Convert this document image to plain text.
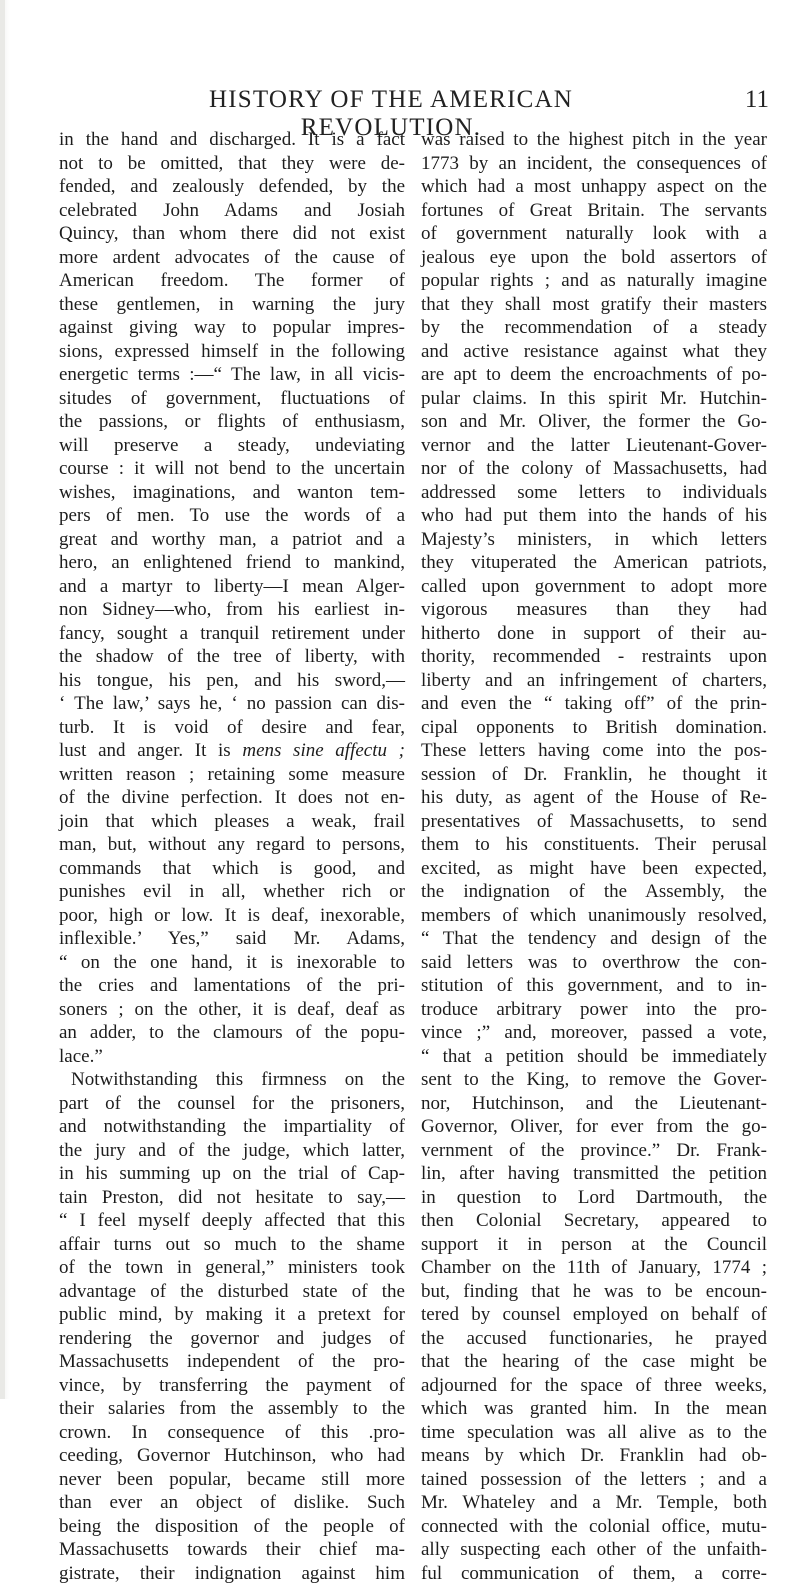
HISTORY OF THE AMERICAN REVOLUTION.
11
in the hand and discharged. It is a fact
not to be omitted, that they were de-
fended, and zealously defended, by the
celebrated John Adams and Josiah
Quincy, than whom there did not exist
more ardent advocates of the cause of
American freedom. The former of
these gentlemen, in warning the jury
against giving way to popular impres-
sions, expressed himself in the following
energetic terms :—“ The law, in all vicis-
situdes of government, fluctuations of
the passions, or flights of enthusiasm,
will preserve a steady, undeviating
course : it will not bend to the uncertain
wishes, imaginations, and wanton tem-
pers of men. To use the words of a
great and worthy man, a patriot and a
hero, an enlightened friend to mankind,
and a martyr to liberty—I mean Alger-
non Sidney—who, from his earliest in-
fancy, sought a tranquil retirement under
the shadow of the tree of liberty, with
his tongue, his pen, and his sword,—
‘ The law,’ says he, ‘ no passion can dis-
turb. It is void of desire and fear,
lust and anger. It is mens sine affectu ;
written reason ; retaining some measure
of the divine perfection. It does not en-
join that which pleases a weak, frail
man, but, without any regard to persons,
commands that which is good, and
punishes evil in all, whether rich or
poor, high or low. It is deaf, inexorable,
inflexible.’ Yes,” said Mr. Adams,
“ on the one hand, it is inexorable to
the cries and lamentations of the pri-
soners ; on the other, it is deaf, deaf as
an adder, to the clamours of the popu-
lace.”
Notwithstanding this firmness on the
part of the counsel for the prisoners,
and notwithstanding the impartiality of
the jury and of the judge, which latter,
in his summing up on the trial of Cap-
tain Preston, did not hesitate to say,—
“ I feel myself deeply affected that this
affair turns out so much to the shame
of the town in general,” ministers took
advantage of the disturbed state of the
public mind, by making it a pretext for
rendering the governor and judges of
Massachusetts independent of the pro-
vince, by transferring the payment of
their salaries from the assembly to the
crown. In consequence of this .pro-
ceeding, Governor Hutchinson, who had
never been popular, became still more
than ever an object of dislike. Such
being the disposition of the people of
Massachusetts towards their chief ma-
gistrate, their indignation against him
was raised to the highest pitch in the year
1773 by an incident, the consequences of
which had a most unhappy aspect on the
fortunes of Great Britain. The servants
of government naturally look with a
jealous eye upon the bold assertors of
popular rights ; and as naturally imagine
that they shall most gratify their masters
by the recommendation of a steady
and active resistance against what they
are apt to deem the encroachments of po-
pular claims. In this spirit Mr. Hutchin-
son and Mr. Oliver, the former the Go-
vernor and the latter Lieutenant-Gover-
nor of the colony of Massachusetts, had
addressed some letters to individuals
who had put them into the hands of his
Majesty’s ministers, in which letters
they vituperated the American patriots,
called upon government to adopt more
vigorous measures than they had
hitherto done in support of their au-
thority, recommended - restraints upon
liberty and an infringement of charters,
and even the “ taking off” of the prin-
cipal opponents to British domination.
These letters having come into the pos-
session of Dr. Franklin, he thought it
his duty, as agent of the House of Re-
presentatives of Massachusetts, to send
them to his constituents. Their perusal
excited, as might have been expected,
the indignation of the Assembly, the
members of which unanimously resolved,
“ That the tendency and design of the
said letters was to overthrow the con-
stitution of this government, and to in-
troduce arbitrary power into the pro-
vince ;” and, moreover, passed a vote,
“ that a petition should be immediately
sent to the King, to remove the Gover-
nor, Hutchinson, and the Lieutenant-
Governor, Oliver, for ever from the go-
vernment of the province.” Dr. Frank-
lin, after having transmitted the petition
in question to Lord Dartmouth, the
then Colonial Secretary, appeared to
support it in person at the Council
Chamber on the 11th of January, 1774 ;
but, finding that he was to be encoun-
tered by counsel employed on behalf of
the accused functionaries, he prayed
that the hearing of the case might be
adjourned for the space of three weeks,
which was granted him. In the mean
time speculation was all alive as to the
means by which Dr. Franklin had ob-
tained possession of the letters ; and a
Mr. Whateley and a Mr. Temple, both
connected with the colonial office, mutu-
ally suspecting each other of the unfaith-
ful communication of them, a corre-
